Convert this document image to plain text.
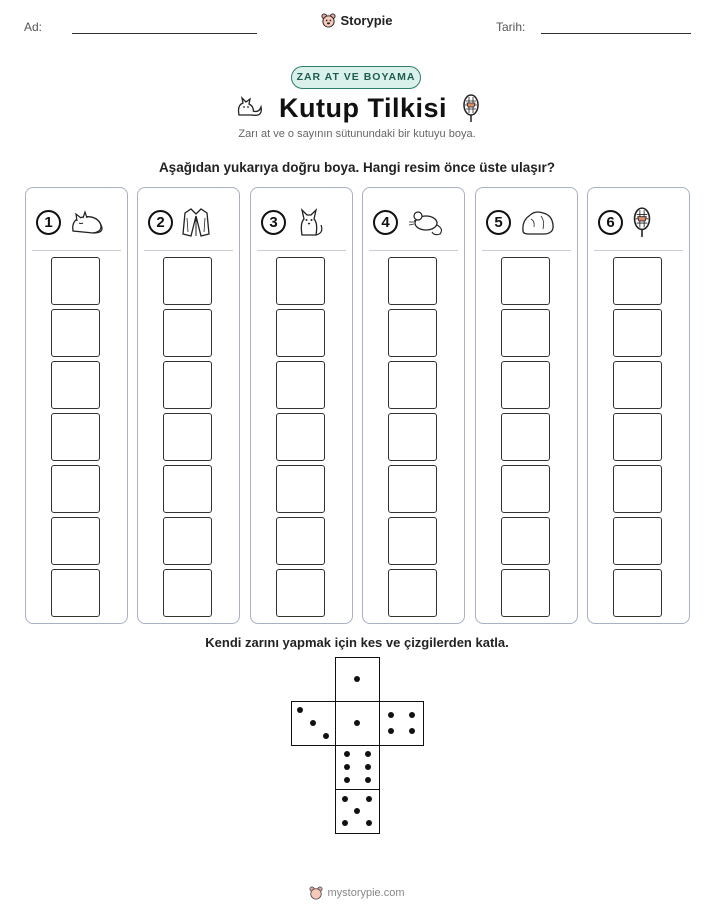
Ad:	Storypie	Tarih:
ZAR AT VE BOYAMA
Kutup Tilkisi
Zarı at ve o sayının sütunundaki bir kutuyu boya.
Aşağıdan yukarıya doğru boya. Hangi resim önce üste ulaşır?
1	2	3	4	5	6
Kendi zarını yapmak için kes ve çizgilerden katla.
mystorypie.com
